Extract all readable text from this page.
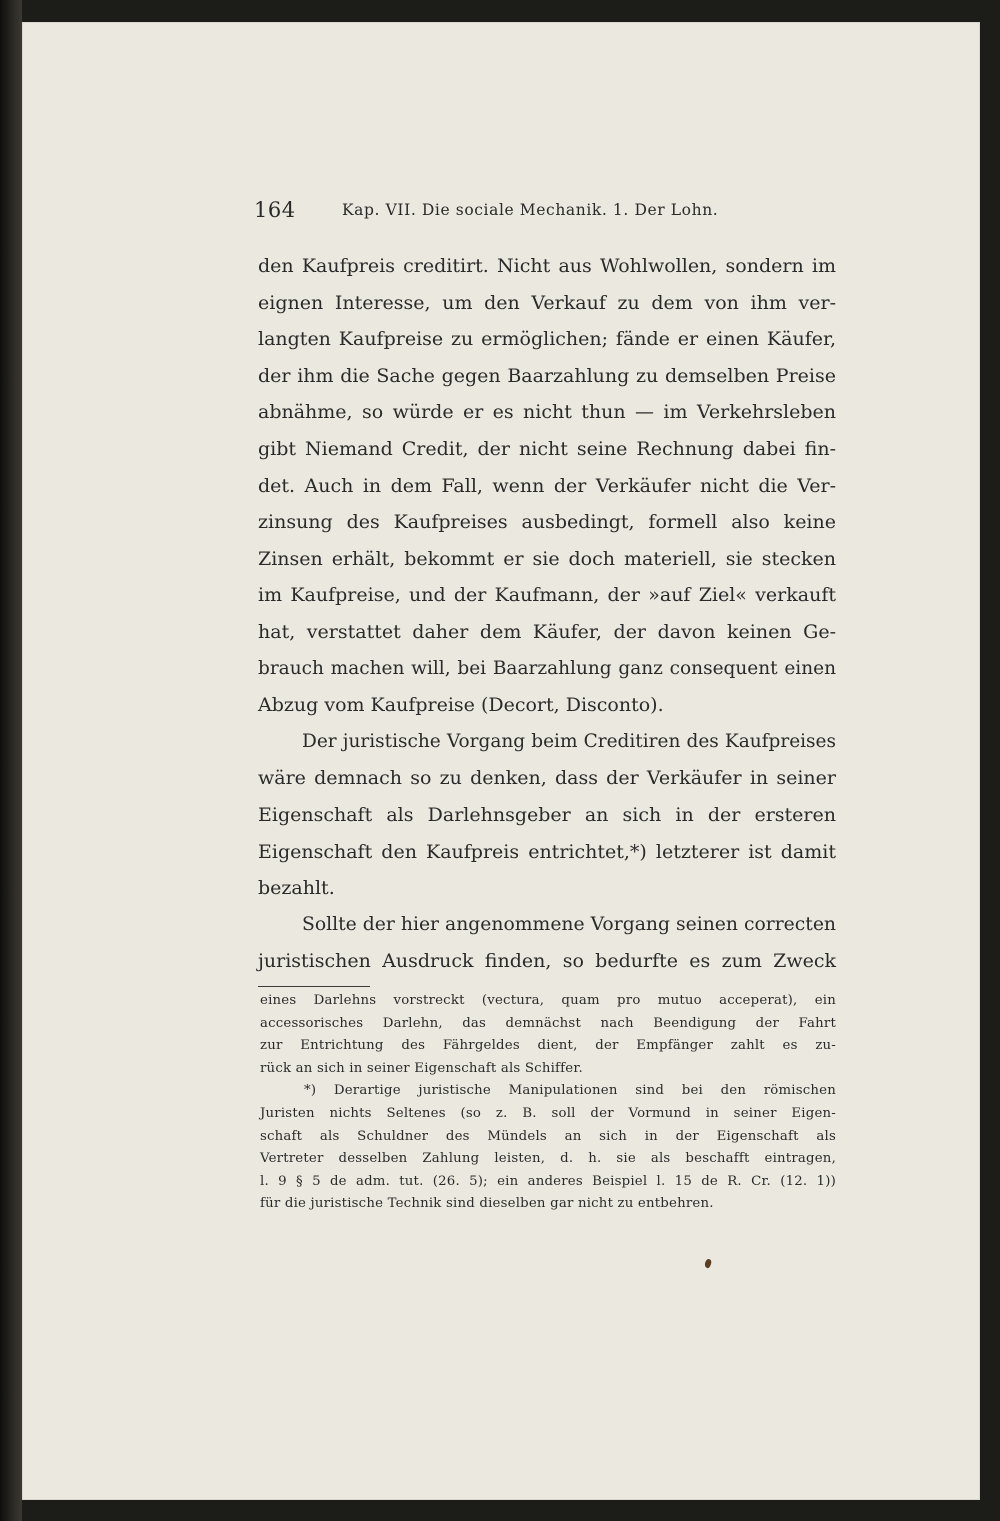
164	Kap. VII. Die sociale Mechanik. 1. Der Lohn.
den Kaufpreis creditirt. Nicht aus Wohlwollen, sondern im
eignen Interesse, um den Verkauf zu dem von ihm ver-
langten Kaufpreise zu ermöglichen; fände er einen Käufer,
der ihm die Sache gegen Baarzahlung zu demselben Preise
abnähme, so würde er es nicht thun — im Verkehrsleben
gibt Niemand Credit, der nicht seine Rechnung dabei fin-
det. Auch in dem Fall, wenn der Verkäufer nicht die Ver-
zinsung des Kaufpreises ausbedingt, formell also keine
Zinsen erhält, bekommt er sie doch materiell, sie stecken
im Kaufpreise, und der Kaufmann, der »auf Ziel« verkauft
hat, verstattet daher dem Käufer, der davon keinen Ge-
brauch machen will, bei Baarzahlung ganz consequent einen
Abzug vom Kaufpreise (Decort, Disconto).
Der juristische Vorgang beim Creditiren des Kaufpreises
wäre demnach so zu denken, dass der Verkäufer in seiner
Eigenschaft als Darlehnsgeber an sich in der ersteren
Eigenschaft den Kaufpreis entrichtet,*) letzterer ist damit
bezahlt.
Sollte der hier angenommene Vorgang seinen correcten
juristischen Ausdruck finden, so bedurfte es zum Zweck
eines Darlehns vorstreckt (vectura, quam pro mutuo acceperat), ein
accessorisches Darlehn, das demnächst nach Beendigung der Fahrt
zur Entrichtung des Fährgeldes dient, der Empfänger zahlt es zu-
rück an sich in seiner Eigenschaft als Schiffer.
*) Derartige juristische Manipulationen sind bei den römischen
Juristen nichts Seltenes (so z. B. soll der Vormund in seiner Eigen-
schaft als Schuldner des Mündels an sich in der Eigenschaft als
Vertreter desselben Zahlung leisten, d. h. sie als beschafft eintragen,
l. 9 § 5 de adm. tut. (26. 5); ein anderes Beispiel l. 15 de R. Cr. (12. 1))
für die juristische Technik sind dieselben gar nicht zu entbehren.
